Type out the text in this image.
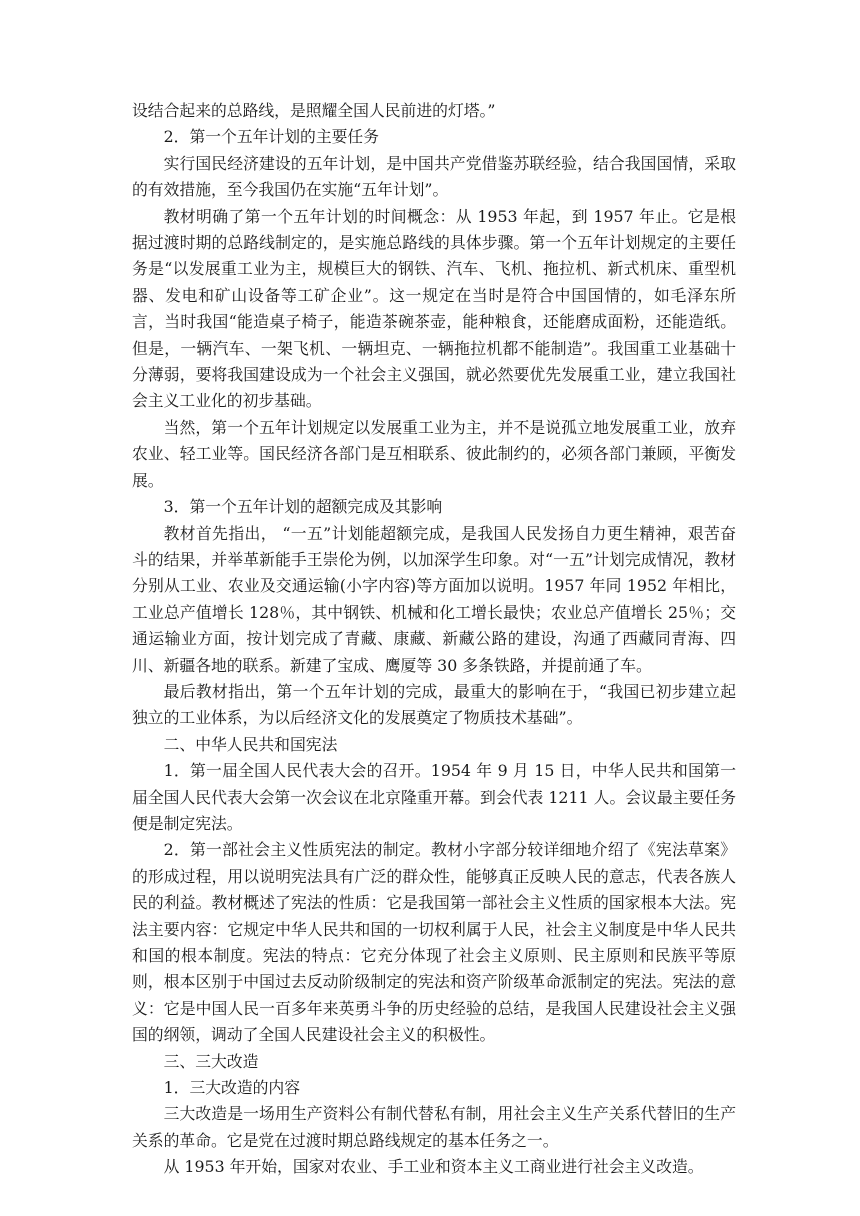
设结合起来的总路线，是照耀全国人民前进的灯塔。”

2．第一个五年计划的主要任务

实行国民经济建设的五年计划，是中国共产党借鉴苏联经验，结合我国国情，采取的有效措施，至今我国仍在实施“五年计划”。

教材明确了第一个五年计划的时间概念：从 1953 年起，到 1957 年止。它是根据过渡时期的总路线制定的，是实施总路线的具体步骤。第一个五年计划规定的主要任务是“以发展重工业为主，规模巨大的钢铁、汽车、飞机、拖拉机、新式机床、重型机器、发电和矿山设备等工矿企业”。这一规定在当时是符合中国国情的，如毛泽东所言，当时我国“能造桌子椅子，能造茶碗茶壶，能种粮食，还能磨成面粉，还能造纸。但是，一辆汽车、一架飞机、一辆坦克、一辆拖拉机都不能制造”。我国重工业基础十分薄弱，要将我国建设成为一个社会主义强国，就必然要优先发展重工业，建立我国社会主义工业化的初步基础。

当然，第一个五年计划规定以发展重工业为主，并不是说孤立地发展重工业，放弃农业、轻工业等。国民经济各部门是互相联系、彼此制约的，必须各部门兼顾，平衡发展。

3．第一个五年计划的超额完成及其影响

教材首先指出， “一五”计划能超额完成，是我国人民发扬自力更生精神，艰苦奋斗的结果，并举革新能手王崇伦为例，以加深学生印象。对“一五”计划完成情况，教材分别从工业、农业及交通运输(小字内容)等方面加以说明。1957 年同 1952 年相比，工业总产值增长 128％，其中钢铁、机械和化工增长最快；农业总产值增长 25％；交通运输业方面，按计划完成了青藏、康藏、新藏公路的建设，沟通了西藏同青海、四川、新疆各地的联系。新建了宝成、鹰厦等 30 多条铁路，并提前通了车。

最后教材指出，第一个五年计划的完成，最重大的影响在于，“我国已初步建立起独立的工业体系，为以后经济文化的发展奠定了物质技术基础”。

二、中华人民共和国宪法

1．第一届全国人民代表大会的召开。1954 年 9 月 15 日，中华人民共和国第一届全国人民代表大会第一次会议在北京隆重开幕。到会代表 1211 人。会议最主要任务便是制定宪法。

2．第一部社会主义性质宪法的制定。教材小字部分较详细地介绍了《宪法草案》的形成过程，用以说明宪法具有广泛的群众性，能够真正反映人民的意志，代表各族人民的利益。教材概述了宪法的性质：它是我国第一部社会主义性质的国家根本大法。宪法主要内容：它规定中华人民共和国的一切权利属于人民，社会主义制度是中华人民共和国的根本制度。宪法的特点：它充分体现了社会主义原则、民主原则和民族平等原则，根本区别于中国过去反动阶级制定的宪法和资产阶级革命派制定的宪法。宪法的意义：它是中国人民一百多年来英勇斗争的历史经验的总结，是我国人民建设社会主义强国的纲领，调动了全国人民建设社会主义的积极性。

三、三大改造

1．三大改造的内容

三大改造是一场用生产资料公有制代替私有制，用社会主义生产关系代替旧的生产关系的革命。它是党在过渡时期总路线规定的基本任务之一。

从 1953 年开始，国家对农业、手工业和资本主义工商业进行社会主义改造。
